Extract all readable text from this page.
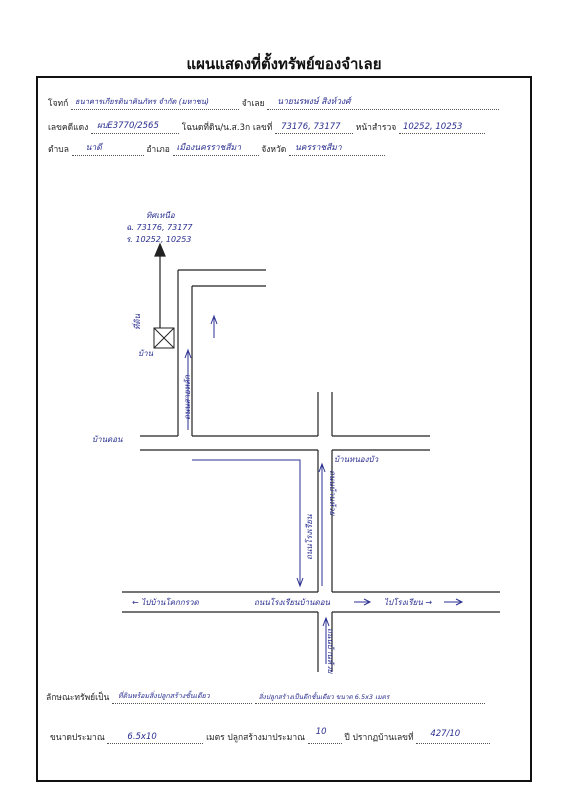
แผนแสดงที่ตั้งทรัพย์ของจำเลย
โจทก์ ธนาคารเกียรตินาคินภัทร จำกัด (มหาชน)	จำเลย นายนรพงษ์ สิงห์วงศ์
เลขคดีแดง ผบE3770/2565	โฉนดที่ดิน/น.ส.3ก เลขที่ 73176, 73177 หน้าสำรวจ 10252, 10253
ตำบล นาดี	อำเภอ เมืองนครราชสีมา จังหวัด นครราชสีมา
ทิศเหนือ
ฉ. 73176, 73177
ร. 10252, 10253
ถนนสายหลัก
ถนนโรงเรียน
ถนนบ้านห้วย
ถนนบ้านห้วย
บ้านดอน
บ้านหนองบัว
← ไปบ้านโคกกรวด	ถนนโรงเรียนบ้านดอน	ไปโรงเรียน →
บ้าน
ที่ดิน
ลักษณะทรัพย์เป็น ที่ดินพร้อมสิ่งปลูกสร้างชั้นเดียว
	สิ่งปลูกสร้างเป็นตึกชั้นเดียว ขนาด 6.5x3 เมตร
ขนาดประมาณ	6.5x10	เมตร ปลูกสร้างมาประมาณ
10
ปี ปรากฏบ้านเลขที่ 427/10
